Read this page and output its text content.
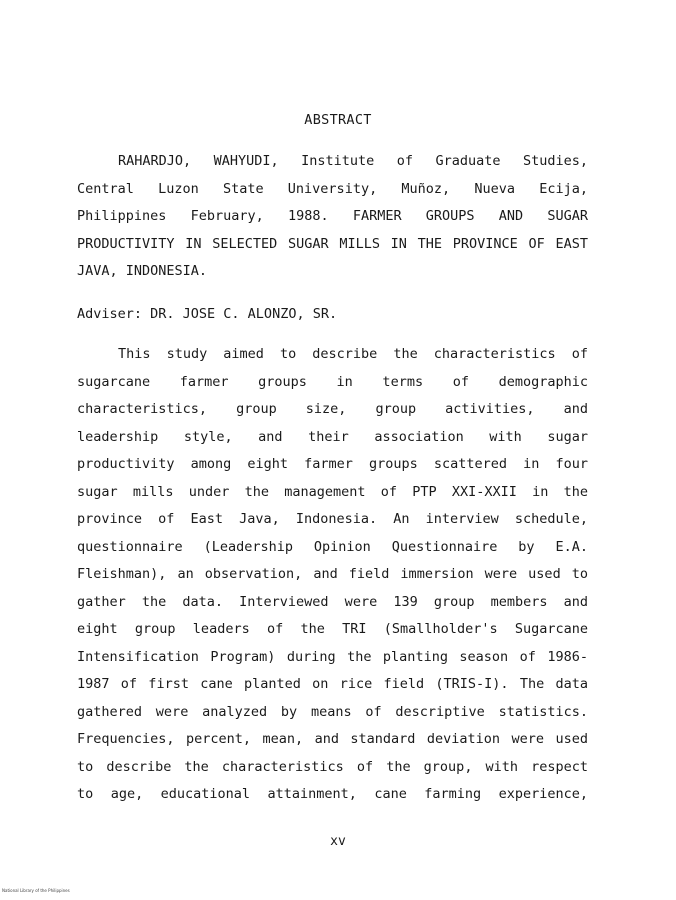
ABSTRACT
RAHARDJO, WAHYUDI, Institute of Graduate Studies,
Central Luzon State University, Muñoz, Nueva Ecija,
Philippines February, 1988. FARMER GROUPS AND SUGAR
PRODUCTIVITY IN SELECTED SUGAR MILLS IN THE PROVINCE OF EAST
JAVA, INDONESIA.
Adviser: DR. JOSE C. ALONZO, SR.
This study aimed to describe the characteristics of
sugarcane farmer groups in terms of demographic
characteristics, group size, group activities, and
leadership style, and their association with sugar
productivity among eight farmer groups scattered in four
sugar mills under the management of PTP XXI-XXII in the
province of East Java, Indonesia. An interview schedule,
questionnaire (Leadership Opinion Questionnaire by E.A.
Fleishman), an observation, and field immersion were used to
gather the data. Interviewed were 139 group members and
eight group leaders of the TRI (Smallholder's Sugarcane
Intensification Program) during the planting season of 1986-
1987 of first cane planted on rice field (TRIS-I). The data
gathered were analyzed by means of descriptive statistics.
Frequencies, percent, mean, and standard deviation were used
to describe the characteristics of the group, with respect
to age, educational attainment, cane farming experience,
xv
National Library of the Philippines
